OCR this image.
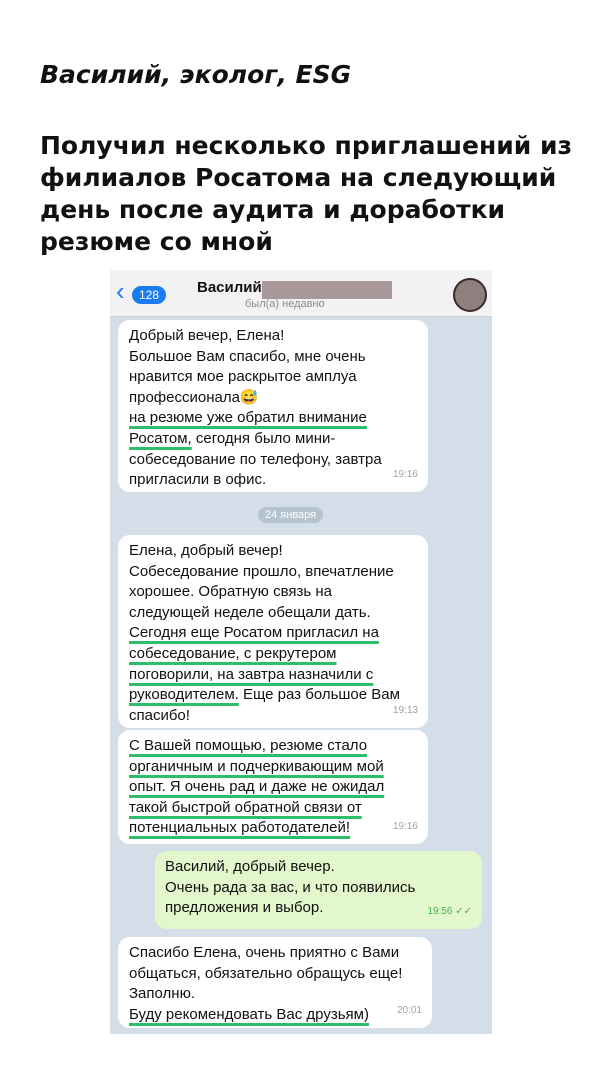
Василий, эколог, ESG
Получил несколько приглашений из филиалов Росатома на следующий день после аудита и доработки резюме со мной
‹	128	Василий
был(а) недавно
Добрый вечер, Елена!
Большое Вам спасибо, мне очень
нравится мое раскрытое амплуа
профессионала😅
на резюме уже обратил внимание
Росатом, сегодня было мини-
собеседование по телефону, завтра
пригласили в офис.	19:16
Елена, добрый вечер!
Собеседование прошло, впечатление
хорошее. Обратную связь на
следующей неделе обещали дать.
Сегодня еще Росатом пригласил на
собеседование, с рекрутером
поговорили, на завтра назначили с
руководителем. Еще раз большое Вам
спасибо!	19:13
С Вашей помощью, резюме стало
органичным и подчеркивающим мой
опыт. Я очень рад и даже не ожидал
такой быстрой обратной связи от
потенциальных работодателей!	19:16
Василий, добрый вечер.
Очень рада за вас, и что появились
предложения и выбор.	19:56 ✓✓
Спасибо Елена, очень приятно с Вами
общаться, обязательно обращусь еще!
Заполню.
Буду рекомендовать Вас друзьям)	20:01
24 января
